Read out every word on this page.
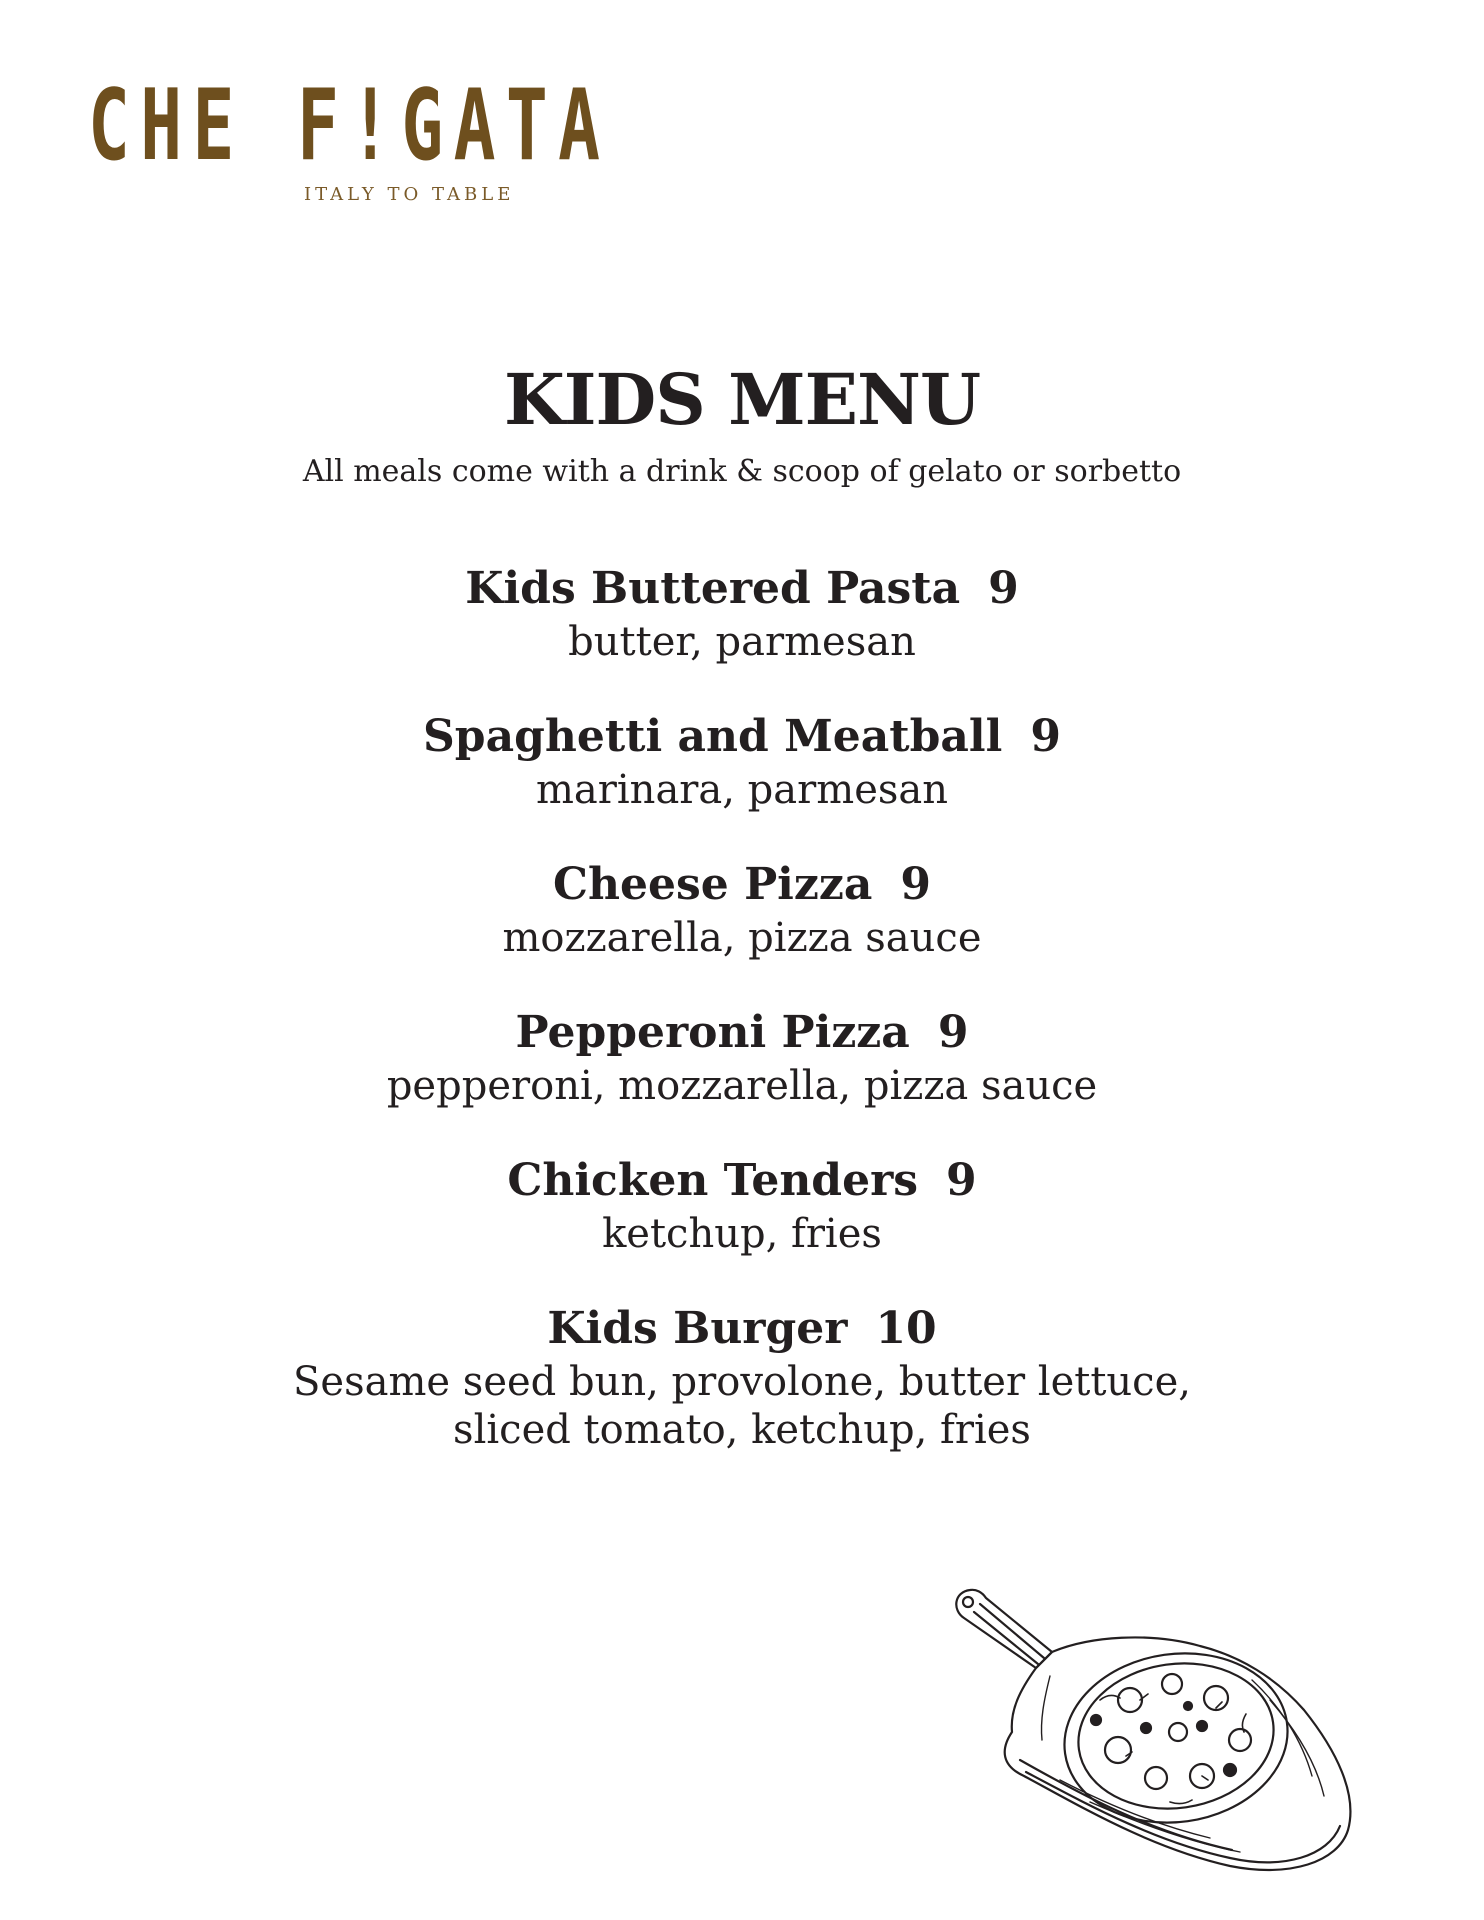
CHE F!GATA
ITALY TO TABLE
KIDS MENU
All meals come with a drink & scoop of gelato or sorbetto
Kids Buttered Pasta 9
butter, parmesan
Spaghetti and Meatball 9
marinara, parmesan
Cheese Pizza 9
mozzarella, pizza sauce
Pepperoni Pizza 9
pepperoni, mozzarella, pizza sauce
Chicken Tenders 9
ketchup, fries
Kids Burger 10
Sesame seed bun, provolone, butter lettuce,
sliced tomato, ketchup, fries
